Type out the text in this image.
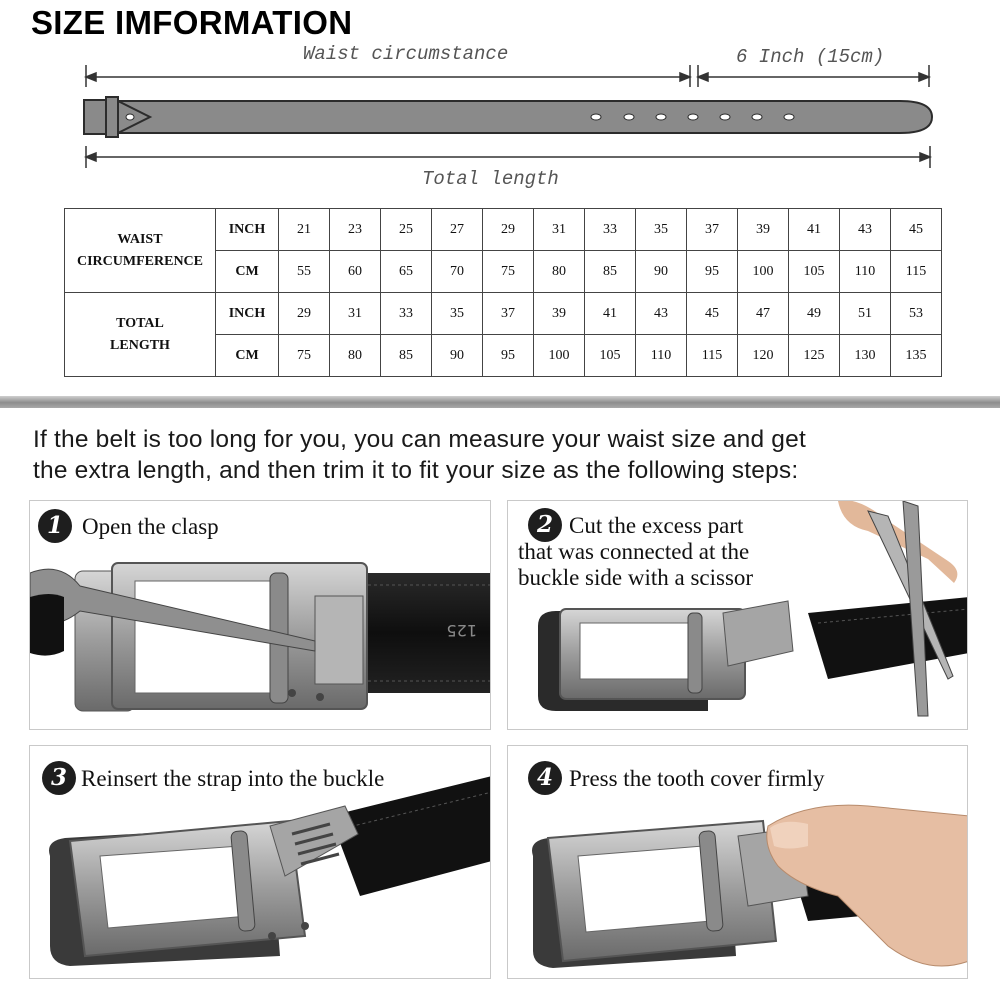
SIZE IMFORMATION
Waist circumstance	6 Inch (15cm)
Total length
WAIST
CIRCUMFERENCE	INCH	21	23	25	27	29	31	33	35	37	39	41	43	45
	CM	55	60	65	70	75	80	85	90	95	100	105	110	115

TOTAL
LENGTH	INCH	29	31	33	35	37	39	41	43	45	47	49	51	53
	CM	75	80	85	90	95	100	105	110	115	120	125	130	135
If the belt is too long for you, you can measure your waist size and get
the extra length, and then trim it to fit your size as the following steps:
125
1 Open the clasp	2 Cut the excess part
that was connected at the
buckle side with a scissor
3 Reinsert the strap into the buckle	4 Press the tooth cover firmly
